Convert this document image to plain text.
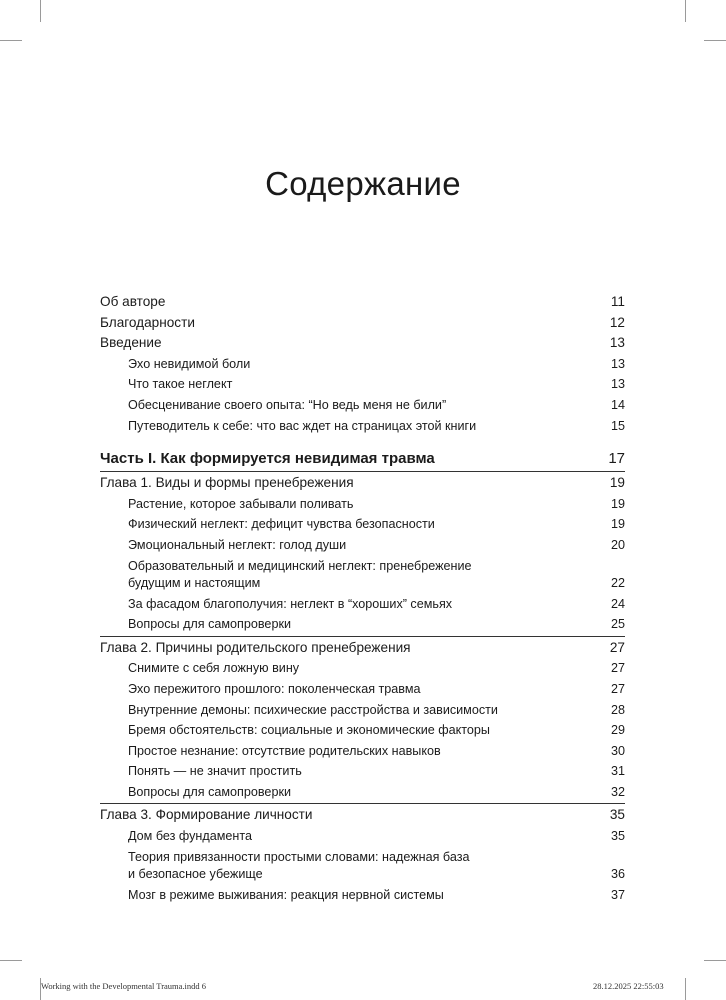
Содержание
Об авторе	11
Благодарности	12
Введение	13
Эхо невидимой боли	13
Что такое неглект	13
Обесценивание своего опыта: “Но ведь меня не били”	14
Путеводитель к себе: что вас ждет на страницах этой книги	15
Часть I. Как формируется невидимая травма	17
Глава 1. Виды и формы пренебрежения	19
Растение, которое забывали поливать	19
Физический неглект: дефицит чувства безопасности	19
Эмоциональный неглект: голод души	20
Образовательный и медицинский неглект: пренебрежение
будущим и настоящим	22
За фасадом благополучия: неглект в “хороших” семьях	24
Вопросы для самопроверки	25
Глава 2. Причины родительского пренебрежения	27
Снимите с себя ложную вину	27
Эхо пережитого прошлого: поколенческая травма	27
Внутренние демоны: психические расстройства и зависимости	28
Бремя обстоятельств: социальные и экономические факторы	29
Простое незнание: отсутствие родительских навыков	30
Понять — не значит простить	31
Вопросы для самопроверки	32
Глава 3. Формирование личности	35
Дом без фундамента	35
Теория привязанности простыми словами: надежная база
и безопасное убежище	36
Мозг в режиме выживания: реакция нервной системы	37
Working with the Developmental Trauma.indd 6	28.12.2025 22:55:03
